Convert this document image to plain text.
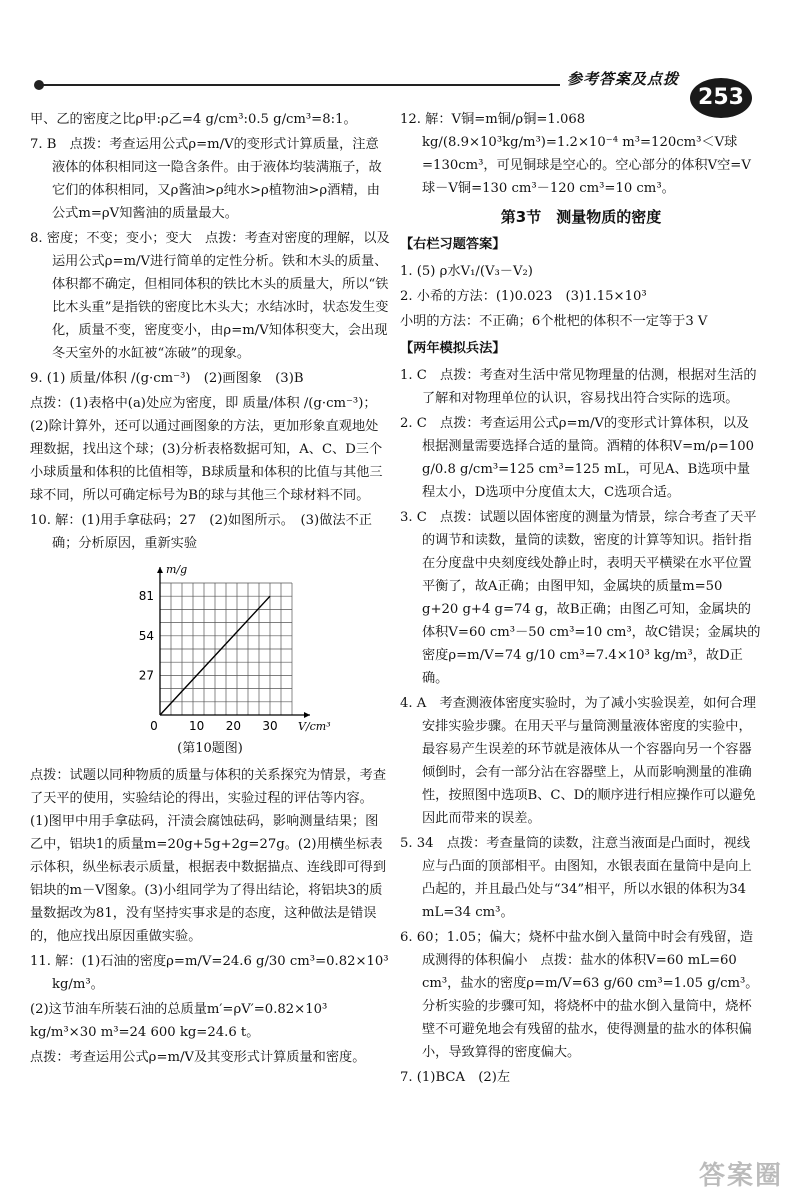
参考答案及点拨
253

甲、乙的密度之比ρ甲:ρ乙=4 g/cm³:0.5 g/cm³=8:1。

7. B　点拨：考查运用公式ρ=m/V的变形式计算质量，注意液体的体积相同这一隐含条件。由于液体均装满瓶子，故它们的体积相同，又ρ酱油>ρ纯水>ρ植物油>ρ酒精，由公式m=ρV知酱油的质量最大。

8. 密度；不变；变小；变大　点拨：考查对密度的理解，以及运用公式ρ=m/V进行简单的定性分析。铁和木头的质量、体积都不确定，但相同体积的铁比木头的质量大，所以“铁比木头重”是指铁的密度比木头大；水结冰时，状态发生变化，质量不变，密度变小，由ρ=m/V知体积变大，会出现冬天室外的水缸被“冻破”的现象。

9. (1) 质量/体积 /(g·cm⁻³)　(2)画图象　(3)B

点拨：(1)表格中(a)处应为密度，即 质量/体积 /(g·cm⁻³)；(2)除计算外，还可以通过画图象的方法，更加形象直观地处理数据，找出这个球；(3)分析表格数据可知，A、C、D三个小球质量和体积的比值相等，B球质量和体积的比值与其他三球不同，所以可确定标号为B的球与其他三个球材料不同。

10. 解：(1)用手拿砝码；27　(2)如图所示。　(3)做法不正确；分析原因，重新实验

0	10 20 30
27
54
81
V/cm³
m/g
(第10题图)

点拨：试题以同种物质的质量与体积的关系探究为情景，考查了天平的使用，实验结论的得出，实验过程的评估等内容。(1)图甲中用手拿砝码，汗渍会腐蚀砝码，影响测量结果；图乙中，铝块1的质量m=20g+5g+2g=27g。(2)用横坐标表示体积，纵坐标表示质量，根据表中数据描点、连线即可得到铝块的m－V图象。(3)小组同学为了得出结论，将铝块3的质量数据改为81，没有坚持实事求是的态度，这种做法是错误的，他应找出原因重做实验。

11. 解：(1)石油的密度ρ=m/V=24.6 g/30 cm³=0.82×10³ kg/m³。

(2)这节油车所装石油的总质量m′=ρV′=0.82×10³ kg/m³×30 m³=24 600 kg=24.6 t。

点拨：考查运用公式ρ=m/V及其变形式计算质量和密度。

12. 解：V铜=m铜/ρ铜=1.068 kg/(8.9×10³kg/m³)=1.2×10⁻⁴ m³=120cm³＜V球=130cm³，可见铜球是空心的。空心部分的体积V空=V球－V铜=130 cm³－120 cm³=10 cm³。

第3节　测量物质的密度
【右栏习题答案】

1. (5) ρ水V₁/(V₃－V₂)

2. 小希的方法：(1)0.023　(3)1.15×10³

小明的方法：不正确；6个枇杷的体积不一定等于3 V

【两年模拟兵法】

1. C　点拨：考查对生活中常见物理量的估测，根据对生活的了解和对物理单位的认识，容易找出符合实际的选项。

2. C　点拨：考查运用公式ρ=m/V的变形式计算体积，以及根据测量需要选择合适的量筒。酒精的体积V=m/ρ=100 g/0.8 g/cm³=125 cm³=125 mL，可见A、B选项中量程太小，D选项中分度值太大，C选项合适。

3. C　点拨：试题以固体密度的测量为情景，综合考查了天平的调节和读数，量筒的读数，密度的计算等知识。指针指在分度盘中央刻度线处静止时，表明天平横梁在水平位置平衡了，故A正确；由图甲知，金属块的质量m=50 g+20 g+4 g=74 g，故B正确；由图乙可知，金属块的体积V=60 cm³－50 cm³=10 cm³，故C错误；金属块的密度ρ=m/V=74 g/10 cm³=7.4×10³ kg/m³，故D正确。

4. A　考查测液体密度实验时，为了减小实验误差，如何合理安排实验步骤。在用天平与量筒测量液体密度的实验中，最容易产生误差的环节就是液体从一个容器向另一个容器倾倒时，会有一部分沾在容器壁上，从而影响测量的准确性，按照图中选项B、C、D的顺序进行相应操作可以避免因此而带来的误差。

5. 34　点拨：考查量筒的读数，注意当液面是凸面时，视线应与凸面的顶部相平。由图知，水银表面在量筒中是向上凸起的，并且最凸处与“34”相平，所以水银的体积为34 mL=34 cm³。

6. 60；1.05；偏大；烧杯中盐水倒入量筒中时会有残留，造成测得的体积偏小　点拨：盐水的体积V=60 mL=60 cm³，盐水的密度ρ=m/V=63 g/60 cm³=1.05 g/cm³。分析实验的步骤可知，将烧杯中的盐水倒入量筒中，烧杯壁不可避免地会有残留的盐水，使得测量的盐水的体积偏小，导致算得的密度偏大。

7. (1)BCA　(2)左

答案圈
